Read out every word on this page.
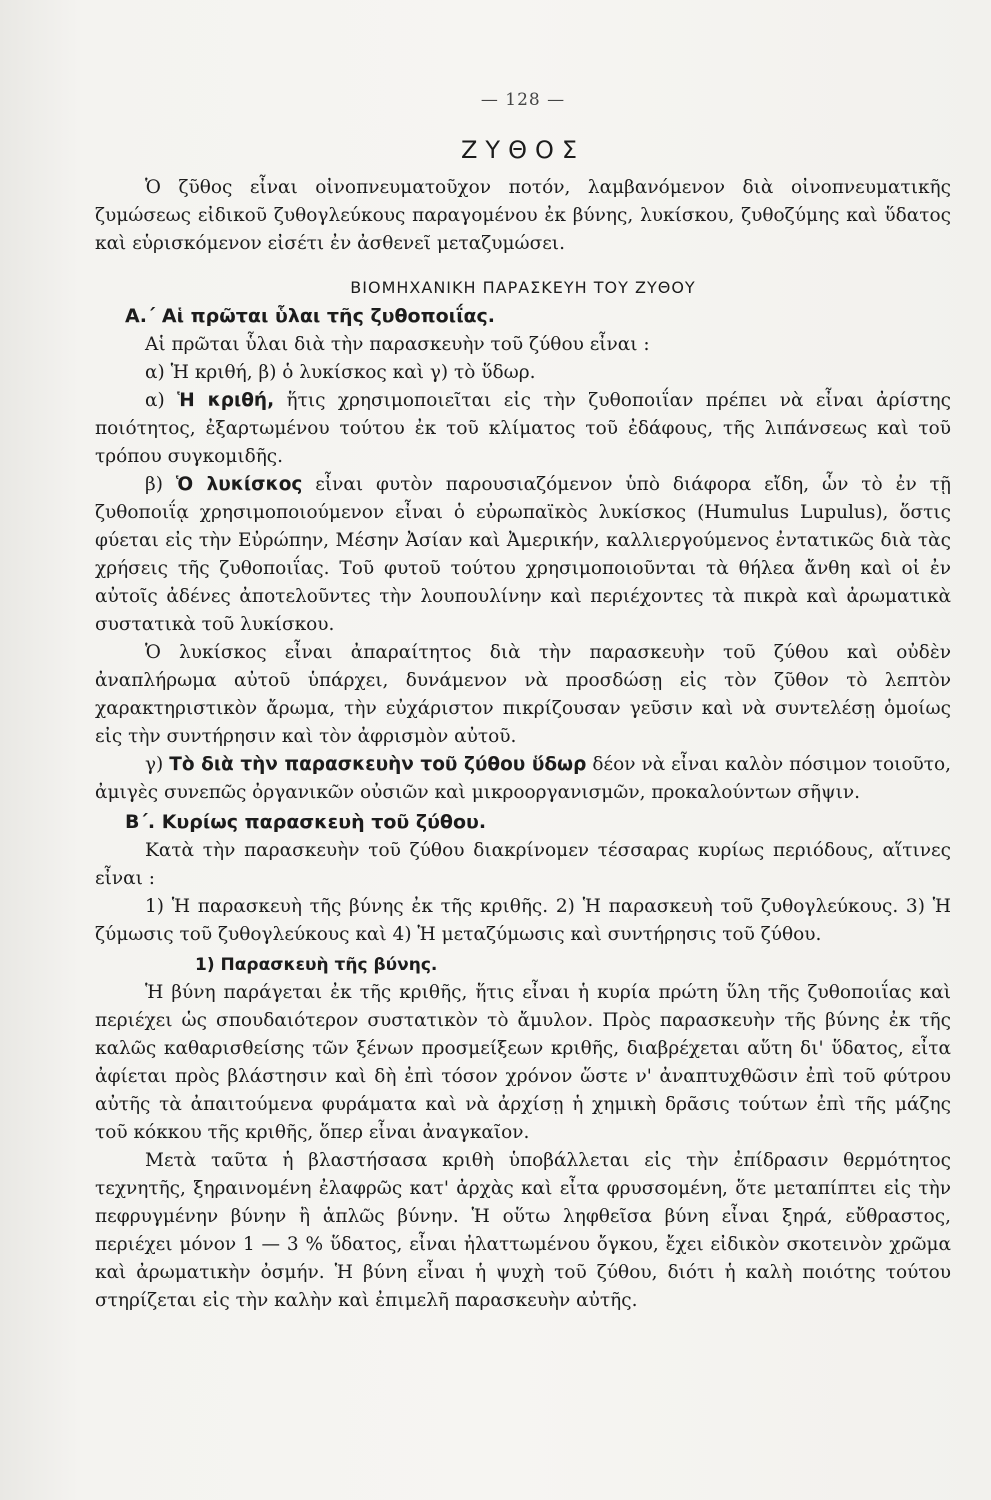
— 128 —
ΖΥΘΟΣ

Ὁ ζῦθος εἶναι οἰνοπνευματοῦχον ποτόν, λαμβανόμενον διὰ οἰνοπνευματικῆς ζυμώσεως εἰδικοῦ ζυθογλεύκους παραγομένου ἐκ βύνης, λυκίσκου, ζυθοζύμης καὶ ὕδατος καὶ εὑρισκόμενον εἰσέτι ἐν ἀσθενεῖ μεταζυμώσει.

ΒΙΟΜΗΧΑΝΙΚΗ ΠΑΡΑΣΚΕΥΗ ΤΟΥ ΖΥΘΟΥ
Α.΄ Αἱ πρῶται ὗλαι τῆς ζυθοποιΐας.

Αἱ πρῶται ὗλαι διὰ τὴν παρασκευὴν τοῦ ζύθου εἶναι :

α) Ἡ κριθή, β) ὁ λυκίσκος καὶ γ) τὸ ὕδωρ.

α) Ἡ κριθή, ἥτις χρησιμοποιεῖται εἰς τὴν ζυθοποιΐαν πρέπει νὰ εἶναι ἀρίστης ποιότητος, ἐξαρτωμένου τούτου ἐκ τοῦ κλίματος τοῦ ἐδάφους, τῆς λιπάνσεως καὶ τοῦ τρόπου συγκομιδῆς.

β) Ὁ λυκίσκος εἶναι φυτὸν παρουσιαζόμενον ὑπὸ διάφορα εἴδη, ὧν τὸ ἐν τῇ ζυθοποιΐᾳ χρησιμοποιούμενον εἶναι ὁ εὐρωπαϊκὸς λυκίσκος (Humulus Lupulus), ὅστις φύεται εἰς τὴν Εὐρώπην, Μέσην Ἀσίαν καὶ Ἀμερικήν, καλλιεργούμενος ἐντατικῶς διὰ τὰς χρήσεις τῆς ζυθοποιΐας. Τοῦ φυτοῦ τούτου χρησιμοποιοῦνται τὰ θήλεα ἄνθη καὶ οἱ ἐν αὐτοῖς ἀδένες ἀποτελοῦντες τὴν λουπουλίνην καὶ περιέχοντες τὰ πικρὰ καὶ ἀρωματικὰ συστατικὰ τοῦ λυκίσκου.

Ὁ λυκίσκος εἶναι ἀπαραίτητος διὰ τὴν παρασκευὴν τοῦ ζύθου καὶ οὐδὲν ἀναπλήρωμα αὐτοῦ ὑπάρχει, δυνάμενον νὰ προσδώσῃ εἰς τὸν ζῦθον τὸ λεπτὸν χαρακτηριστικὸν ἄρωμα, τὴν εὐχάριστον πικρίζουσαν γεῦσιν καὶ νὰ συντελέσῃ ὁμοίως εἰς τὴν συντήρησιν καὶ τὸν ἀφρισμὸν αὐτοῦ.

γ) Τὸ διὰ τὴν παρασκευὴν τοῦ ζύθου ὕδωρ δέον νὰ εἶναι καλὸν πόσιμον τοιοῦτο, ἀμιγὲς συνεπῶς ὀργανικῶν οὐσιῶν καὶ μικροοργανισμῶν, προκαλούντων σῆψιν.

Β΄. Κυρίως παρασκευὴ τοῦ ζύθου.

Κατὰ τὴν παρασκευὴν τοῦ ζύθου διακρίνομεν τέσσαρας κυρίως περιόδους, αἵτινες εἶναι :

1) Ἡ παρασκευὴ τῆς βύνης ἐκ τῆς κριθῆς. 2) Ἡ παρασκευὴ τοῦ ζυθογλεύκους. 3) Ἡ ζύμωσις τοῦ ζυθογλεύκους καὶ 4) Ἡ μεταζύμωσις καὶ συντήρησις τοῦ ζύθου.

1) Παρασκευὴ τῆς βύνης.

Ἡ βύνη παράγεται ἐκ τῆς κριθῆς, ἥτις εἶναι ἡ κυρία πρώτη ὕλη τῆς ζυθοποιΐας καὶ περιέχει ὡς σπουδαιότερον συστατικὸν τὸ ἄμυλον. Πρὸς παρασκευὴν τῆς βύνης ἐκ τῆς καλῶς καθαρισθείσης τῶν ξένων προσμείξεων κριθῆς, διαβρέχεται αὕτη δι' ὕδατος, εἶτα ἀφίεται πρὸς βλάστησιν καὶ δὴ ἐπὶ τόσον χρόνον ὥστε ν' ἀναπτυχθῶσιν ἐπὶ τοῦ φύτρου αὐτῆς τὰ ἀπαιτούμενα φυράματα καὶ νὰ ἀρχίσῃ ἡ χημικὴ δρᾶσις τούτων ἐπὶ τῆς μάζης τοῦ κόκκου τῆς κριθῆς, ὅπερ εἶναι ἀναγκαῖον.

Μετὰ ταῦτα ἡ βλαστήσασα κριθὴ ὑποβάλλεται εἰς τὴν ἐπίδρασιν θερμότητος τεχνητῆς, ξηραινομένη ἐλαφρῶς κατ' ἀρχὰς καὶ εἶτα φρυσσομένη, ὅτε μεταπίπτει εἰς τὴν πεφρυγμένην βύνην ἢ ἁπλῶς βύνην. Ἡ οὕτω ληφθεῖσα βύνη εἶναι ξηρά, εὔθραστος, περιέχει μόνον 1 — 3 % ὕδατος, εἶναι ἠλαττωμένου ὄγκου, ἔχει εἰδικὸν σκοτεινὸν χρῶμα καὶ ἀρωματικὴν ὀσμήν. Ἡ βύνη εἶναι ἡ ψυχὴ τοῦ ζύθου, διότι ἡ καλὴ ποιότης τούτου στηρίζεται εἰς τὴν καλὴν καὶ ἐπιμελῆ παρασκευὴν αὐτῆς.
